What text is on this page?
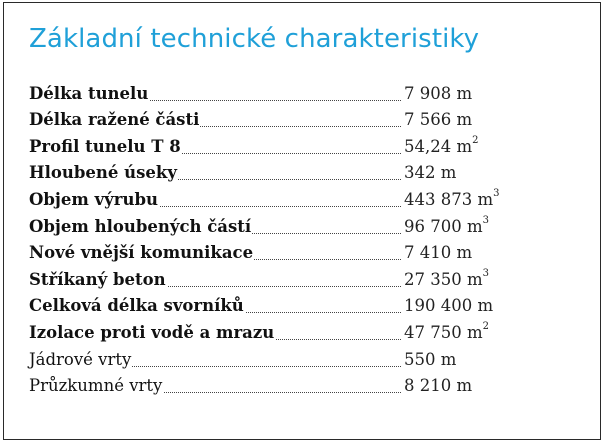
Základní technické charakteristiky
Délka tunelu	7 908 m
Délka ražené části	7 566 m
Profil tunelu T 8	54,24 $m^2$
Hloubené úseky	342 m
Objem výrubu	443 873 $m^3$
Objem hloubených částí	96 700 $m^3$
Nové vnější komunikace	7 410 m
Stříkaný beton	27 350 $m^3$
Celková délka svorníků	190 400 m
Izolace proti vodě a mrazu	47 750 $m^2$
Jádrové vrty	550 m
Průzkumné vrty	8 210 m
